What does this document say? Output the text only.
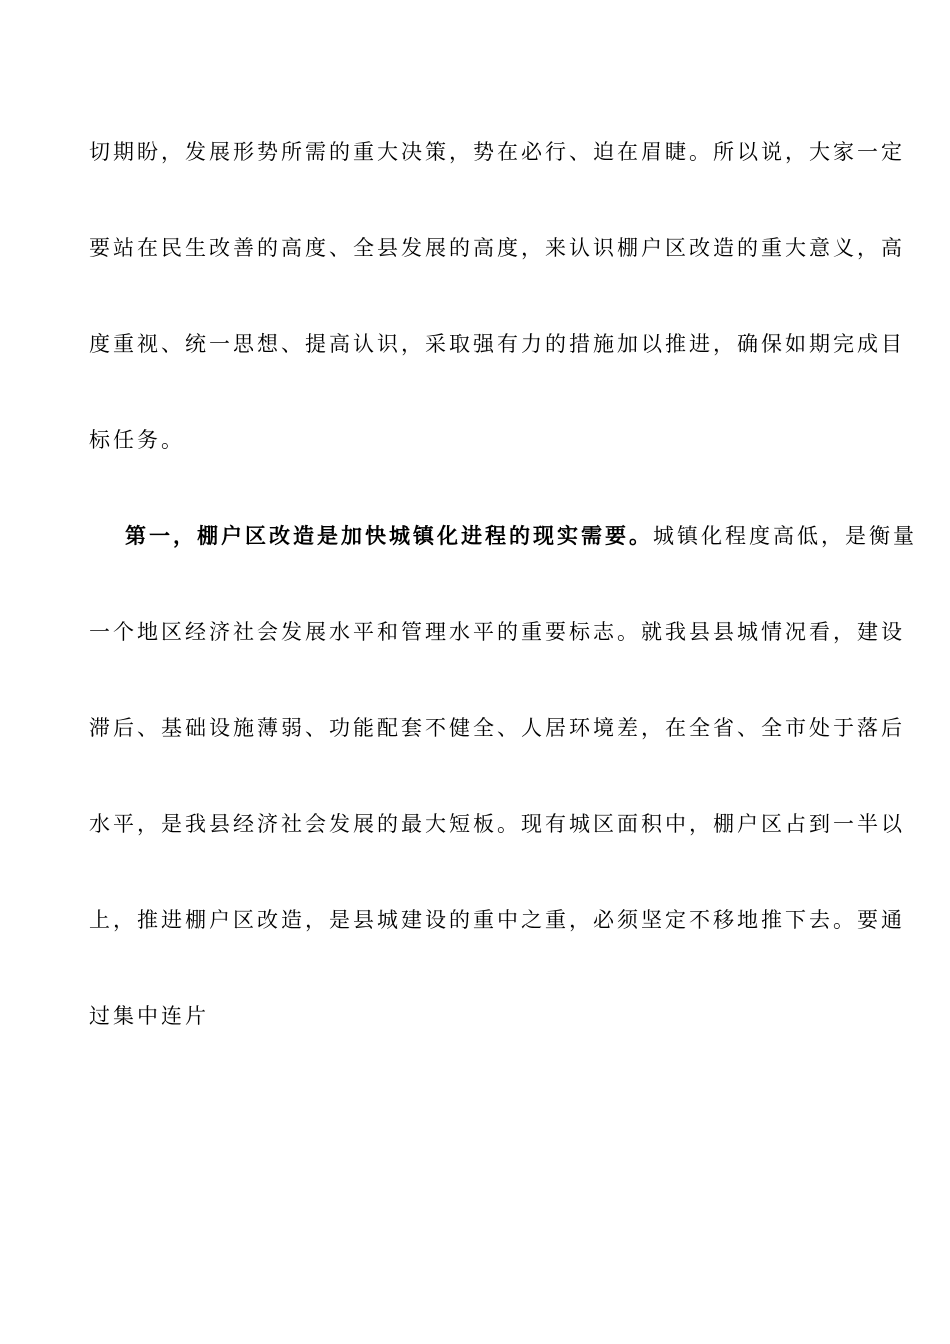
切期盼，发展形势所需的重大决策，势在必行、迫在眉睫。所以说，大家一定
要站在民生改善的高度、全县发展的高度，来认识棚户区改造的重大意义，高
度重视、统一思想、提高认识，采取强有力的措施加以推进，确保如期完成目
标任务。
第一，棚户区改造是加快城镇化进程的现实需要。城镇化程度高低，是衡量
一个地区经济社会发展水平和管理水平的重要标志。就我县县城情况看，建设
滞后、基础设施薄弱、功能配套不健全、人居环境差，在全省、全市处于落后
水平，是我县经济社会发展的最大短板。现有城区面积中，棚户区占到一半以
上，推进棚户区改造，是县城建设的重中之重，必须坚定不移地推下去。要通
过集中连片
